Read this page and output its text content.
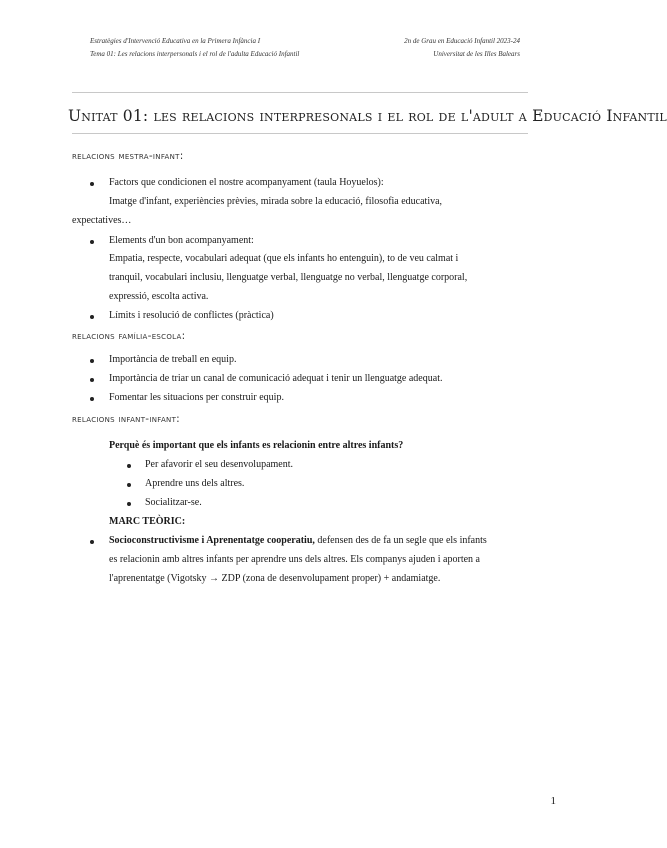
Estratègies d'Intervenció Educativa en la Primera Infància I
Tema 01: Les relacions interpersonals i el rol de l'adulta Educació Infantil
2n de Grau en Educació Infantil 2023-24
Universitat de les Illes Balears
Unitat 01: les relacions interpresonals i el rol de l'adult a Educació Infantil
relacions mestra-infant:
Factors que condicionen el nostre acompanyament (taula Hoyuelos):
Imatge d'infant, experiències prèvies, mirada sobre la educació, filosofia educativa,
expectatives…
Elements d'un bon acompanyament:
Empatia, respecte, vocabulari adequat (que els infants ho entenguin), to de veu calmat i
tranquil, vocabulari inclusiu, llenguatge verbal, llenguatge no verbal, llenguatge corporal,
expressió, escolta activa.
Límits i resolució de conflictes (pràctica)
relacions família-escola:
Importància de treball en equip.
Importància de triar un canal de comunicació adequat i tenir un llenguatge adequat.
Fomentar les situacions per construir equip.
relacions infant-infant:
Perquè és important que els infants es relacionin entre altres infants?
Per afavorir el seu desenvolupament.
Aprendre uns dels altres.
Socialitzar-se.
MARC TEÒRIC:
Socioconstructivisme i Aprenentatge cooperatiu, defensen des de fa un segle que els infants
es relacionin amb altres infants per aprendre uns dels altres. Els companys ajuden i aporten a
l'aprenentatge (Vigotsky → ZDP (zona de desenvolupament proper) + andamiatge.
1
